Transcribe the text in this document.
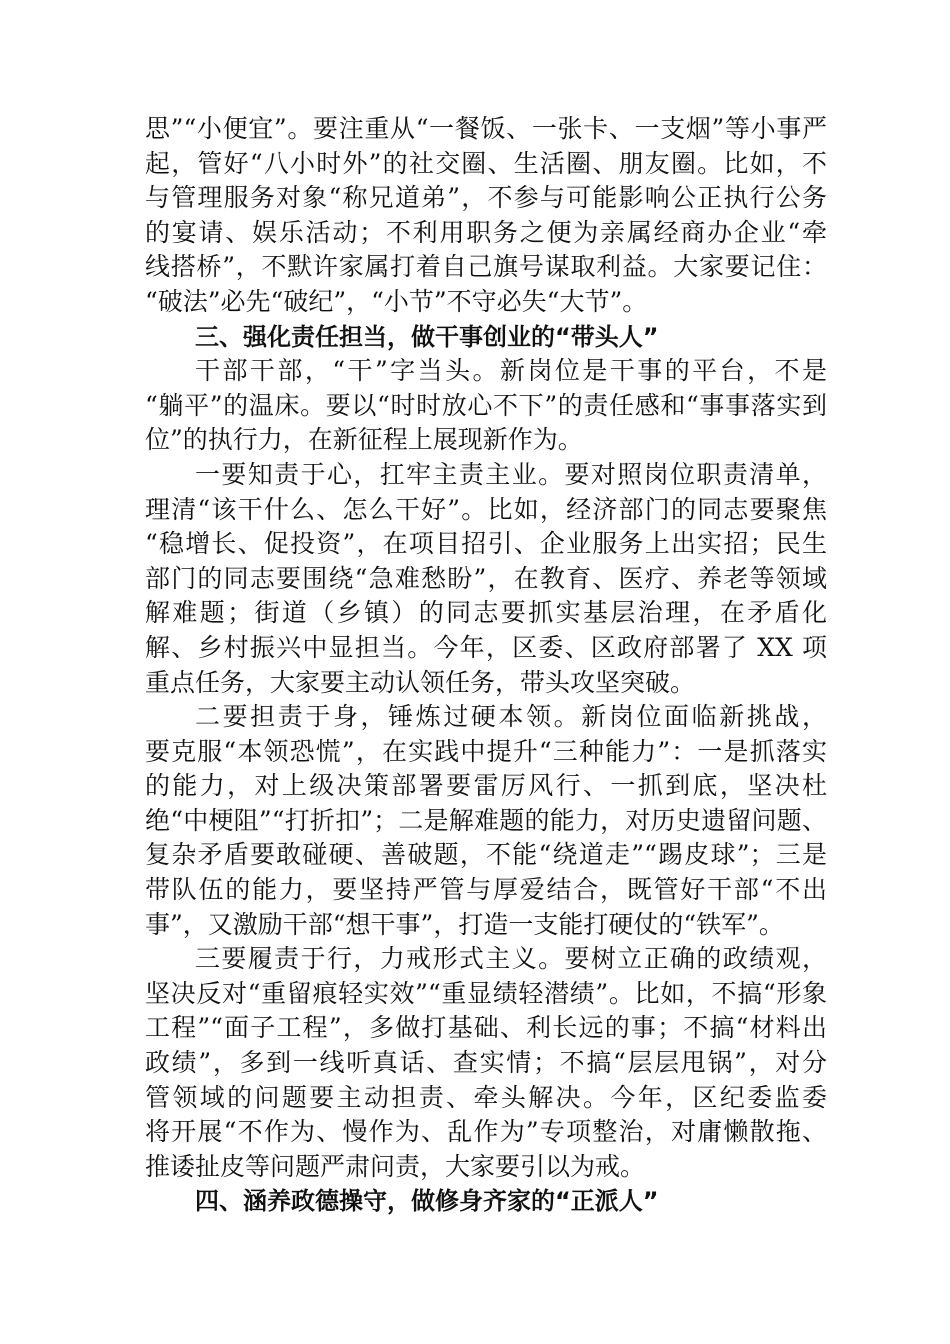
思”“小便宜”。要注重从“一餐饭、一张卡、一支烟”等小事严
起，管好“八小时外”的社交圈、生活圈、朋友圈。比如，不
与管理服务对象“称兄道弟”，不参与可能影响公正执行公务
的宴请、娱乐活动；不利用职务之便为亲属经商办企业“牵
线搭桥”，不默许家属打着自己旗号谋取利益。大家要记住：
“破法”必先“破纪”，“小节”不守必失“大节”。
三、强化责任担当，做干事创业的“带头人”
干部干部，“干”字当头。新岗位是干事的平台，不是
“躺平”的温床。要以“时时放心不下”的责任感和“事事落实到
位”的执行力，在新征程上展现新作为。
一要知责于心，扛牢主责主业。要对照岗位职责清单，
理清“该干什么、怎么干好”。比如，经济部门的同志要聚焦
“稳增长、促投资”，在项目招引、企业服务上出实招；民生
部门的同志要围绕“急难愁盼”，在教育、医疗、养老等领域
解难题；街道（乡镇）的同志要抓实基层治理，在矛盾化
解、乡村振兴中显担当。今年，区委、区政府部署了 XX 项
重点任务，大家要主动认领任务，带头攻坚突破。
二要担责于身，锤炼过硬本领。新岗位面临新挑战，
要克服“本领恐慌”，在实践中提升“三种能力”：一是抓落实
的能力，对上级决策部署要雷厉风行、一抓到底，坚决杜
绝“中梗阻”“打折扣”；二是解难题的能力，对历史遗留问题、
复杂矛盾要敢碰硬、善破题，不能“绕道走”“踢皮球”；三是
带队伍的能力，要坚持严管与厚爱结合，既管好干部“不出
事”，又激励干部“想干事”，打造一支能打硬仗的“铁军”。
三要履责于行，力戒形式主义。要树立正确的政绩观，
坚决反对“重留痕轻实效”“重显绩轻潜绩”。比如，不搞“形象
工程”“面子工程”，多做打基础、利长远的事；不搞“材料出
政绩”，多到一线听真话、查实情；不搞“层层甩锅”，对分
管领域的问题要主动担责、牵头解决。今年，区纪委监委
将开展“不作为、慢作为、乱作为”专项整治，对庸懒散拖、
推诿扯皮等问题严肃问责，大家要引以为戒。
四、涵养政德操守，做修身齐家的“正派人”
